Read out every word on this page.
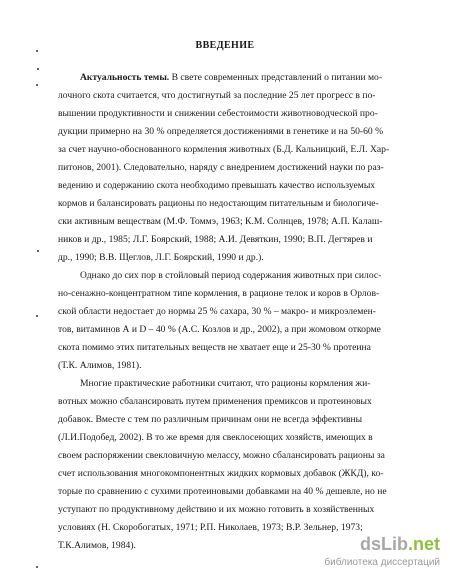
ВВЕДЕНИЕ
Актуальность темы. В свете современных представлений о питании мо-
лочного скота считается, что достигнутый за последние 25 лет прогресс в по-
вышении продуктивности и снижении себестоимости животноводческой про-
дукции примерно на 30 % определяется достижениями в генетике и на 50-60 %
за счет научно-обоснованного кормления животных (Б.Д. Кальницкий, Е.Л. Хар-
питонов, 2001). Следовательно, наряду с внедрением достижений науки по раз-
ведению и содержанию скота необходимо превышать качество используемых
кормов и балансировать рационы по недостающим питательным и биологиче-
ски активным веществам (М.Ф. Томмэ, 1963; К.М. Солнцев, 1978; А.П. Калаш-
ников и др., 1985; Л.Г. Боярский, 1988; А.И. Девяткин, 1990; В.П. Дегтярев и
др., 1990; В.В. Щеглов, Л.Г. Боярский, 1990 и др.).
Однако до сих пор в стойловый период содержания животных при силос-
но-сенажно-концентратном типе кормления, в рационе телок и коров в Орлов-
ской области недостает до нормы 25 % сахара, 30 % – макро- и микроэлемен-
тов, витаминов А и D – 40 % (А.С. Козлов и др., 2002), а при жомовом откорме
скота помимо этих питательных веществ не хватает еще и 25-30 % протеина
(Т.К. Алимов, 1981).
Многие практические работники считают, что рационы кормления жи-
вотных можно сбалансировать путем применения премиксов и протеиновых
добавок. Вместе с тем по различным причинам они не всегда эффективны
(Л.И.Подобед, 2002). В то же время для свеклосеющих хозяйств, имеющих в
своем распоряжении свекловичную мелассу, можно сбалансировать рационы за
счет использования многокомпонентных жидких кормовых добавок (ЖКД), ко-
торые по сравнению с сухими протеиновыми добавками на 40 % дешевле, но не
уступают по продуктивному действию и их можно готовить в хозяйственных
условиях (Н. Скоробогатых, 1971; Р.П. Николаев, 1973; В.Р. Зельнер, 1973;
Т.К.Алимов, 1984).	dsLib.net
библиотека диссертаций
